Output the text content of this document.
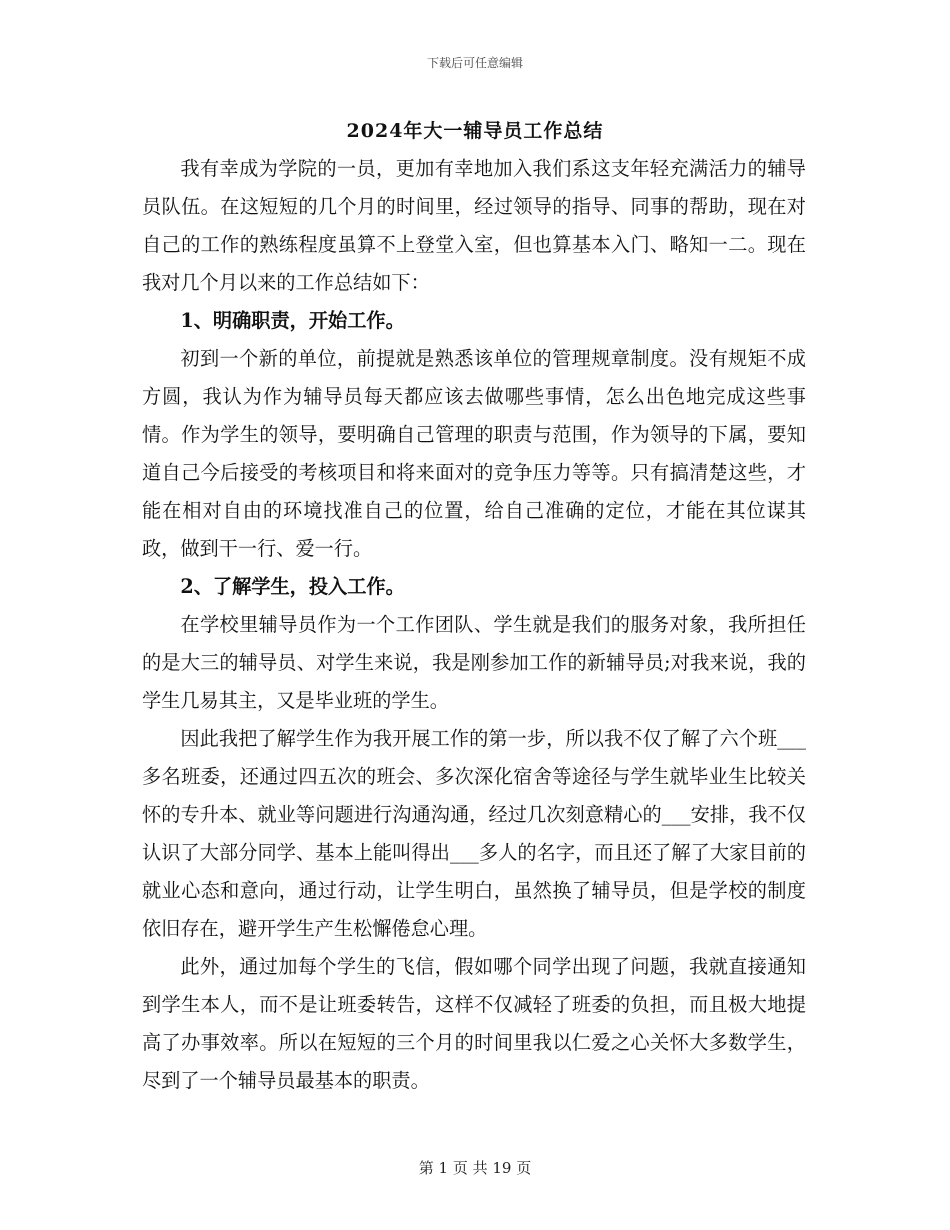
下载后可任意编辑
2024年大一辅导员工作总结

我有幸成为学院的一员，更加有幸地加入我们系这支年轻充满活力的辅导员队伍。在这短短的几个月的时间里，经过领导的指导、同事的帮助，现在对自己的工作的熟练程度虽算不上登堂入室，但也算基本入门、略知一二。现在我对几个月以来的工作总结如下：

1、明确职责，开始工作。

初到一个新的单位，前提就是熟悉该单位的管理规章制度。没有规矩不成方圆，我认为作为辅导员每天都应该去做哪些事情，怎么出色地完成这些事情。作为学生的领导，要明确自己管理的职责与范围，作为领导的下属，要知道自己今后接受的考核项目和将来面对的竞争压力等等。只有搞清楚这些，才能在相对自由的环境找准自己的位置，给自己准确的定位，才能在其位谋其政，做到干一行、爱一行。

2、了解学生，投入工作。

在学校里辅导员作为一个工作团队、学生就是我们的服务对象，我所担任的是大三的辅导员、对学生来说，我是刚参加工作的新辅导员;对我来说，我的学生几易其主，又是毕业班的学生。

因此我把了解学生作为我开展工作的第一步，所以我不仅了解了六个班___多名班委，还通过四五次的班会、多次深化宿舍等途径与学生就毕业生比较关怀的专升本、就业等问题进行沟通沟通，经过几次刻意精心的___安排，我不仅认识了大部分同学、基本上能叫得出___多人的名字，而且还了解了大家目前的就业心态和意向，通过行动，让学生明白，虽然换了辅导员，但是学校的制度依旧存在，避开学生产生松懈倦怠心理。

此外，通过加每个学生的飞信，假如哪个同学出现了问题，我就直接通知到学生本人，而不是让班委转告，这样不仅减轻了班委的负担，而且极大地提高了办事效率。所以在短短的三个月的时间里我以仁爱之心关怀大多数学生，尽到了一个辅导员最基本的职责。

第 1 页 共 19 页
